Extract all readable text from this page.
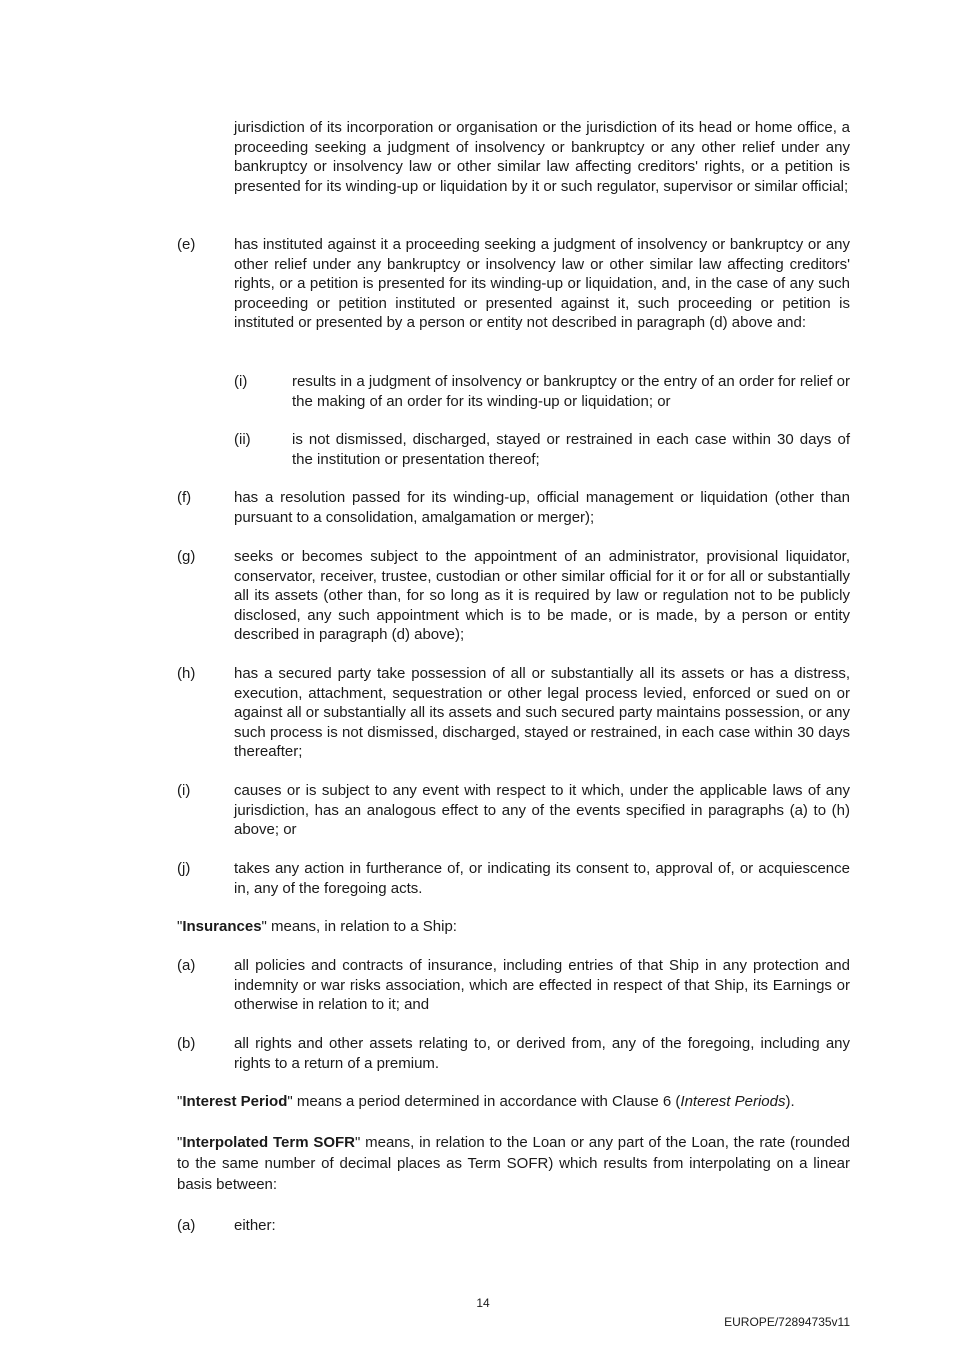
jurisdiction of its incorporation or organisation or the jurisdiction of its head or home office, a proceeding seeking a judgment of insolvency or bankruptcy or any other relief under any bankruptcy or insolvency law or other similar law affecting creditors' rights, or a petition is presented for its winding-up or liquidation by it or such regulator, supervisor or similar official;

(e)	has instituted against it a proceeding seeking a judgment of insolvency or bankruptcy or any other relief under any bankruptcy or insolvency law or other similar law affecting creditors' rights, or a petition is presented for its winding-up or liquidation, and, in the case of any such proceeding or petition instituted or presented against it, such proceeding or petition is instituted or presented by a person or entity not described in paragraph (d) above and:

(i)	results in a judgment of insolvency or bankruptcy or the entry of an order for relief or the making of an order for its winding-up or liquidation; or

(ii)	is not dismissed, discharged, stayed or restrained in each case within 30 days of the institution or presentation thereof;

(f)	has a resolution passed for its winding-up, official management or liquidation (other than pursuant to a consolidation, amalgamation or merger);

(g)	seeks or becomes subject to the appointment of an administrator, provisional liquidator, conservator, receiver, trustee, custodian or other similar official for it or for all or substantially all its assets (other than, for so long as it is required by law or regulation not to be publicly disclosed, any such appointment which is to be made, or is made, by a person or entity described in paragraph (d) above);

(h)	has a secured party take possession of all or substantially all its assets or has a distress, execution, attachment, sequestration or other legal process levied, enforced or sued on or against all or substantially all its assets and such secured party maintains possession, or any such process is not dismissed, discharged, stayed or restrained, in each case within 30 days thereafter;

(i)	causes or is subject to any event with respect to it which, under the applicable laws of any jurisdiction, has an analogous effect to any of the events specified in paragraphs (a) to (h) above; or

(j)	takes any action in furtherance of, or indicating its consent to, approval of, or acquiescence in, any of the foregoing acts.

"Insurances" means, in relation to a Ship:

(a)	all policies and contracts of insurance, including entries of that Ship in any protection and indemnity or war risks association, which are effected in respect of that Ship, its Earnings or otherwise in relation to it; and

(b)	all rights and other assets relating to, or derived from, any of the foregoing, including any rights to a return of a premium.

"Interest Period" means a period determined in accordance with Clause 6 (Interest Periods).

"Interpolated Term SOFR" means, in relation to the Loan or any part of the Loan, the rate (rounded to the same number of decimal places as Term SOFR) which results from interpolating on a linear basis between:

(a)	either:

14
EUROPE/72894735v11
